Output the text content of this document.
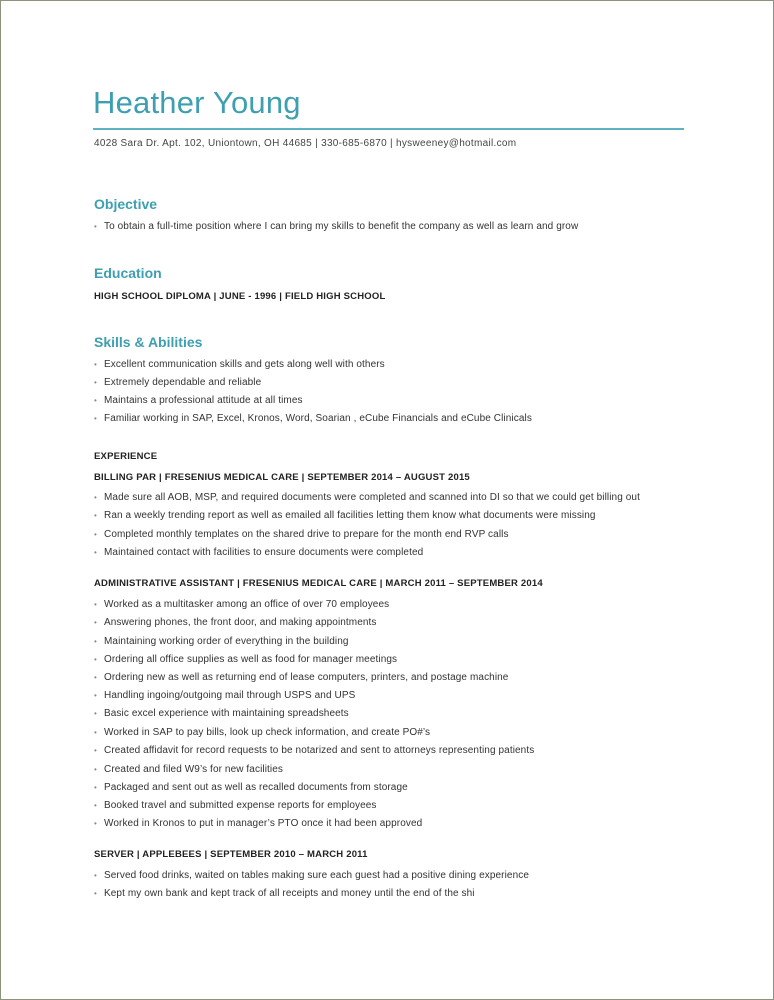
Heather Young
4028 Sara Dr. Apt. 102, Uniontown, OH 44685 | 330-685-6870 | hysweeney@hotmail.com
Objective
• To obtain a full-time position where I can bring my skills to benefit the company as well as learn and grow
Education
HIGH SCHOOL DIPLOMA | JUNE - 1996 | FIELD HIGH SCHOOL
Skills & Abilities
• Excellent communication skills and gets along well with others
• Extremely dependable and reliable
• Maintains a professional attitude at all times
• Familiar working in SAP, Excel, Kronos, Word, Soarian , eCube Financials and eCube Clinicals
EXPERIENCE
BILLING PAR | FRESENIUS MEDICAL CARE | SEPTEMBER 2014 – AUGUST 2015
• Made sure all AOB, MSP, and required documents were completed and scanned into DI so that we could get billing out
• Ran a weekly trending report as well as emailed all facilities letting them know what documents were missing
• Completed monthly templates on the shared drive to prepare for the month end RVP calls
• Maintained contact with facilities to ensure documents were completed
ADMINISTRATIVE ASSISTANT | FRESENIUS MEDICAL CARE | MARCH 2011 – SEPTEMBER 2014
• Worked as a multitasker among an office of over 70 employees
• Answering phones, the front door, and making appointments
• Maintaining working order of everything in the building
• Ordering all office supplies as well as food for manager meetings
• Ordering new as well as returning end of lease computers, printers, and postage machine
• Handling ingoing/outgoing mail through USPS and UPS
• Basic excel experience with maintaining spreadsheets
• Worked in SAP to pay bills, look up check information, and create PO#’s
• Created affidavit for record requests to be notarized and sent to attorneys representing patients
• Created and filed W9’s for new facilities
• Packaged and sent out as well as recalled documents from storage
• Booked travel and submitted expense reports for employees
• Worked in Kronos to put in manager’s PTO once it had been approved
SERVER | APPLEBEES | SEPTEMBER 2010 – MARCH 2011
• Served food drinks, waited on tables making sure each guest had a positive dining experience
• Kept my own bank and kept track of all receipts and money until the end of the shi
